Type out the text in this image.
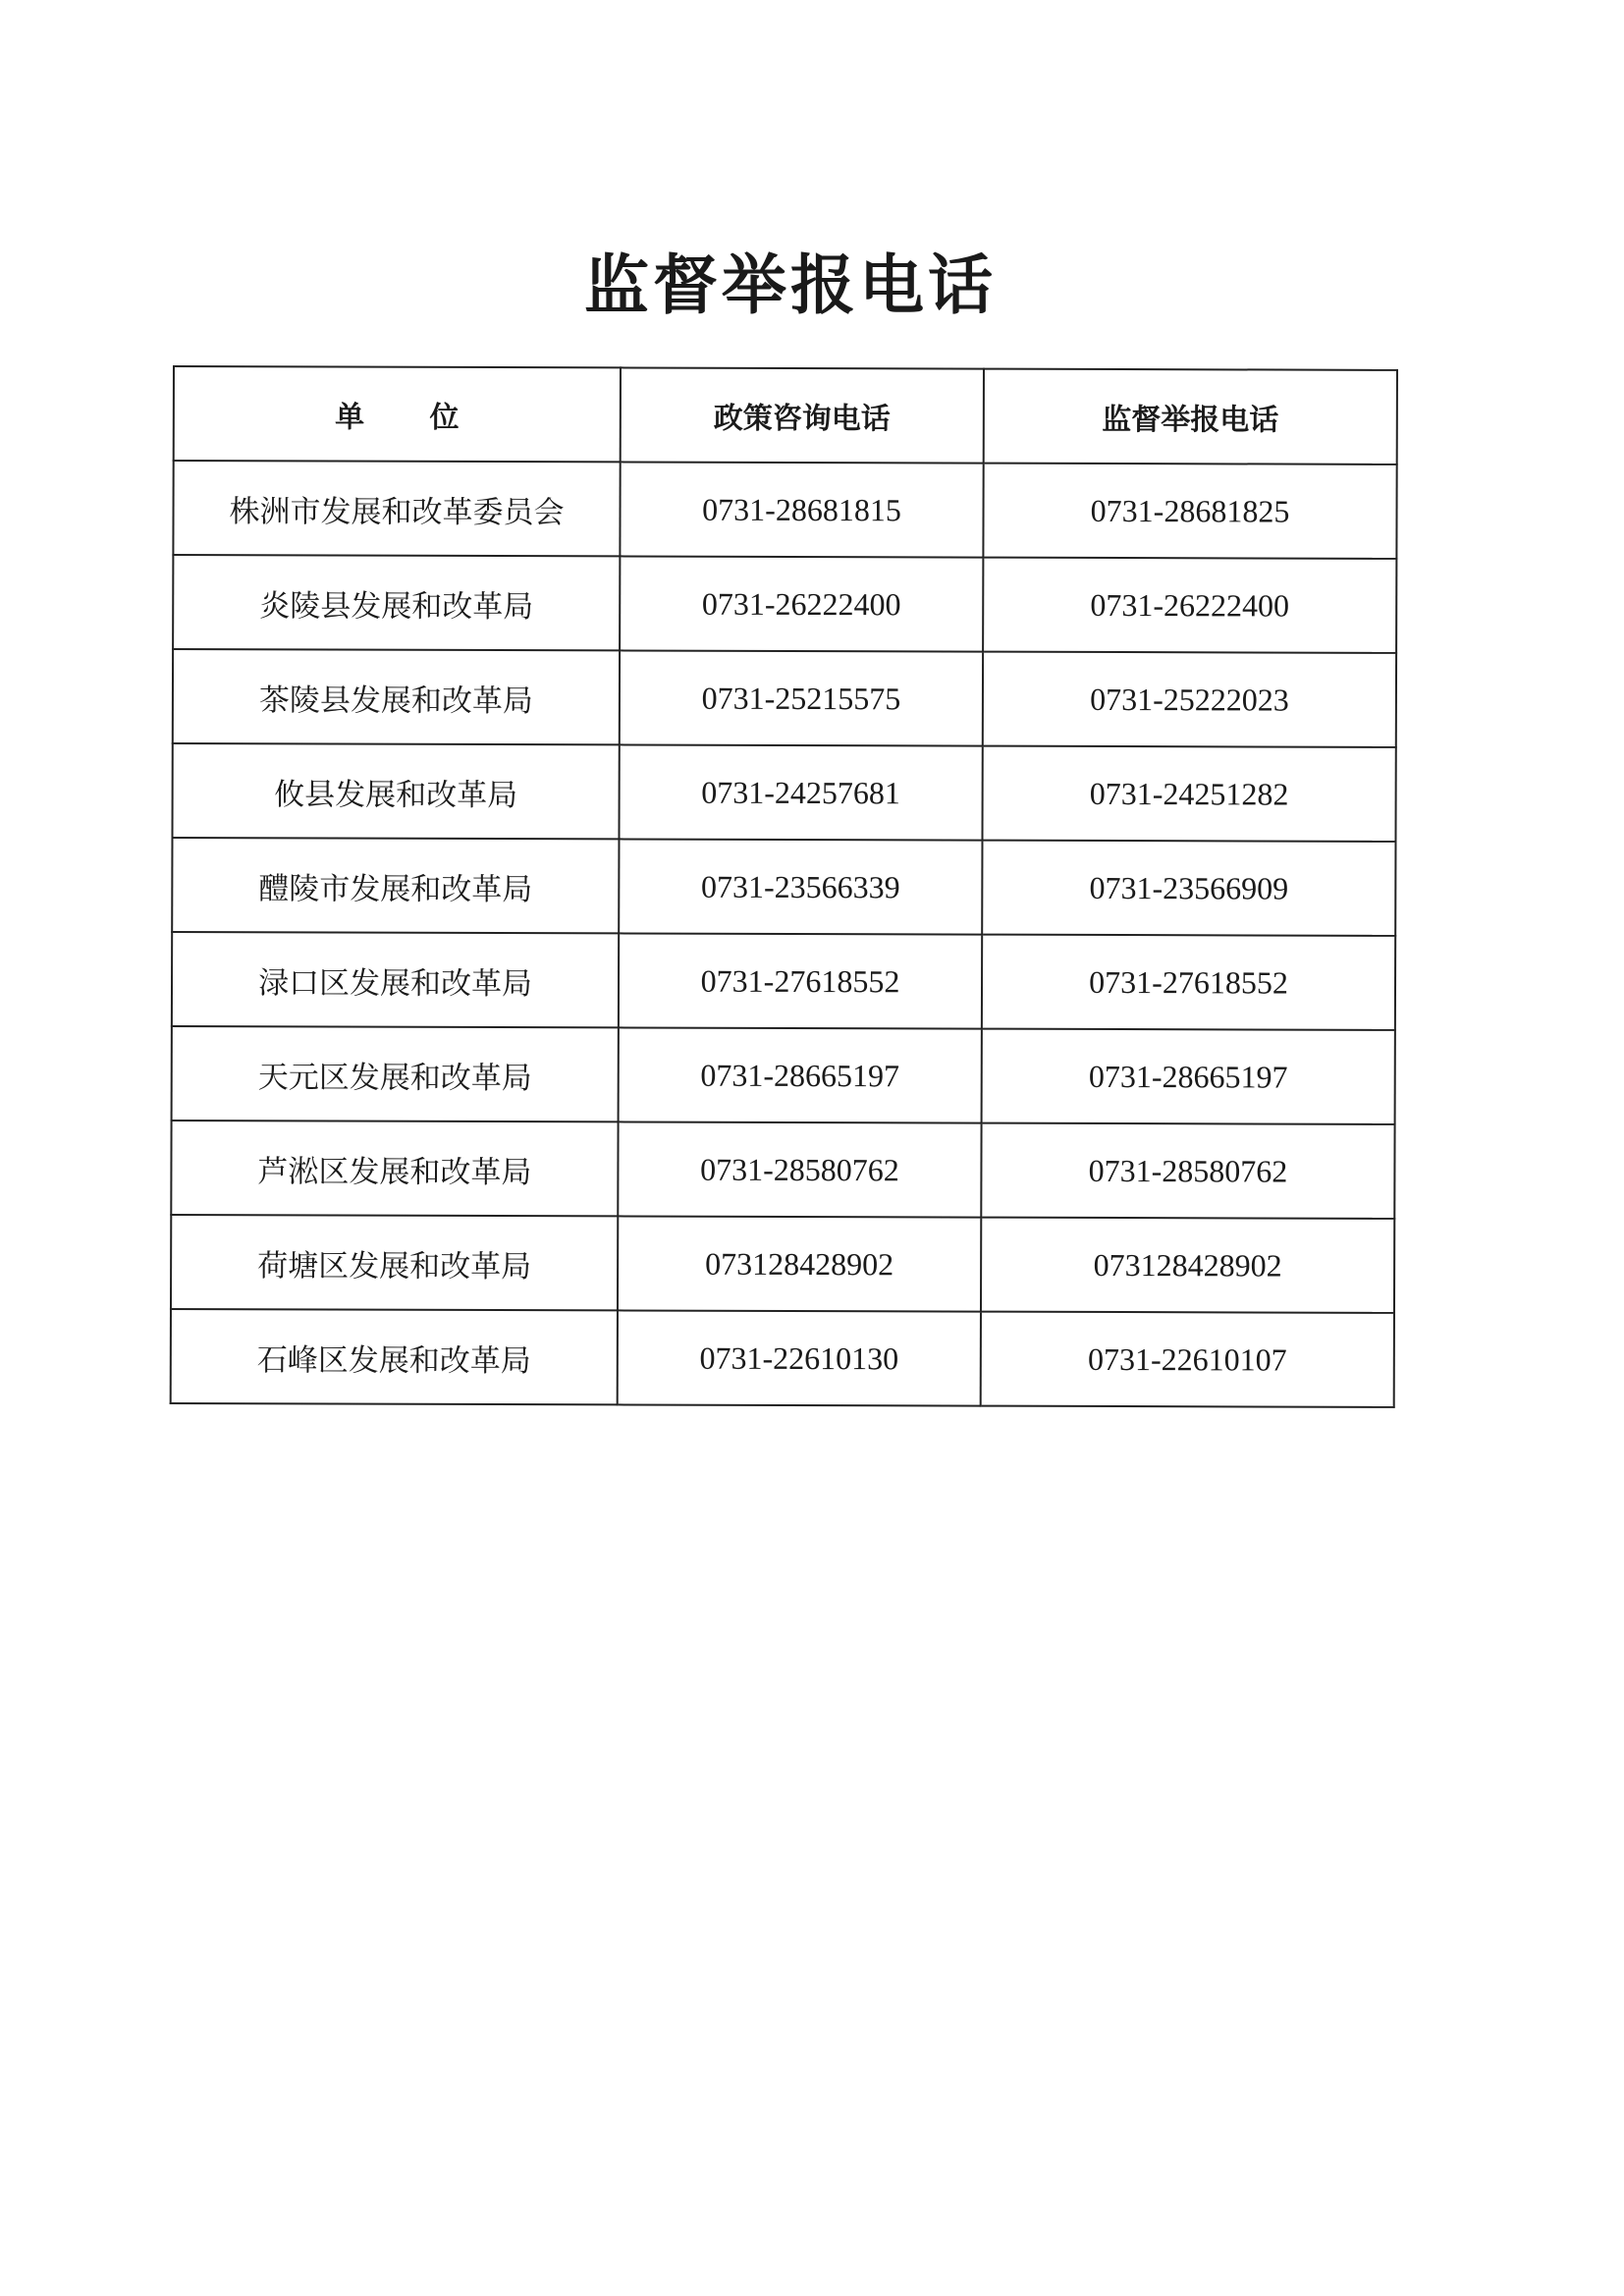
监督举报电话
单 位	政策咨询电话	监督举报电话
株洲市发展和改革委员会	0731-28681815	0731-28681825
炎陵县发展和改革局	0731-26222400	0731-26222400
茶陵县发展和改革局	0731-25215575	0731-25222023
攸县发展和改革局	0731-24257681	0731-24251282
醴陵市发展和改革局	0731-23566339	0731-23566909
渌口区发展和改革局	0731-27618552	0731-27618552
天元区发展和改革局	0731-28665197	0731-28665197
芦淞区发展和改革局	0731-28580762	0731-28580762
荷塘区发展和改革局	073128428902	073128428902
石峰区发展和改革局	0731-22610130	0731-22610107
